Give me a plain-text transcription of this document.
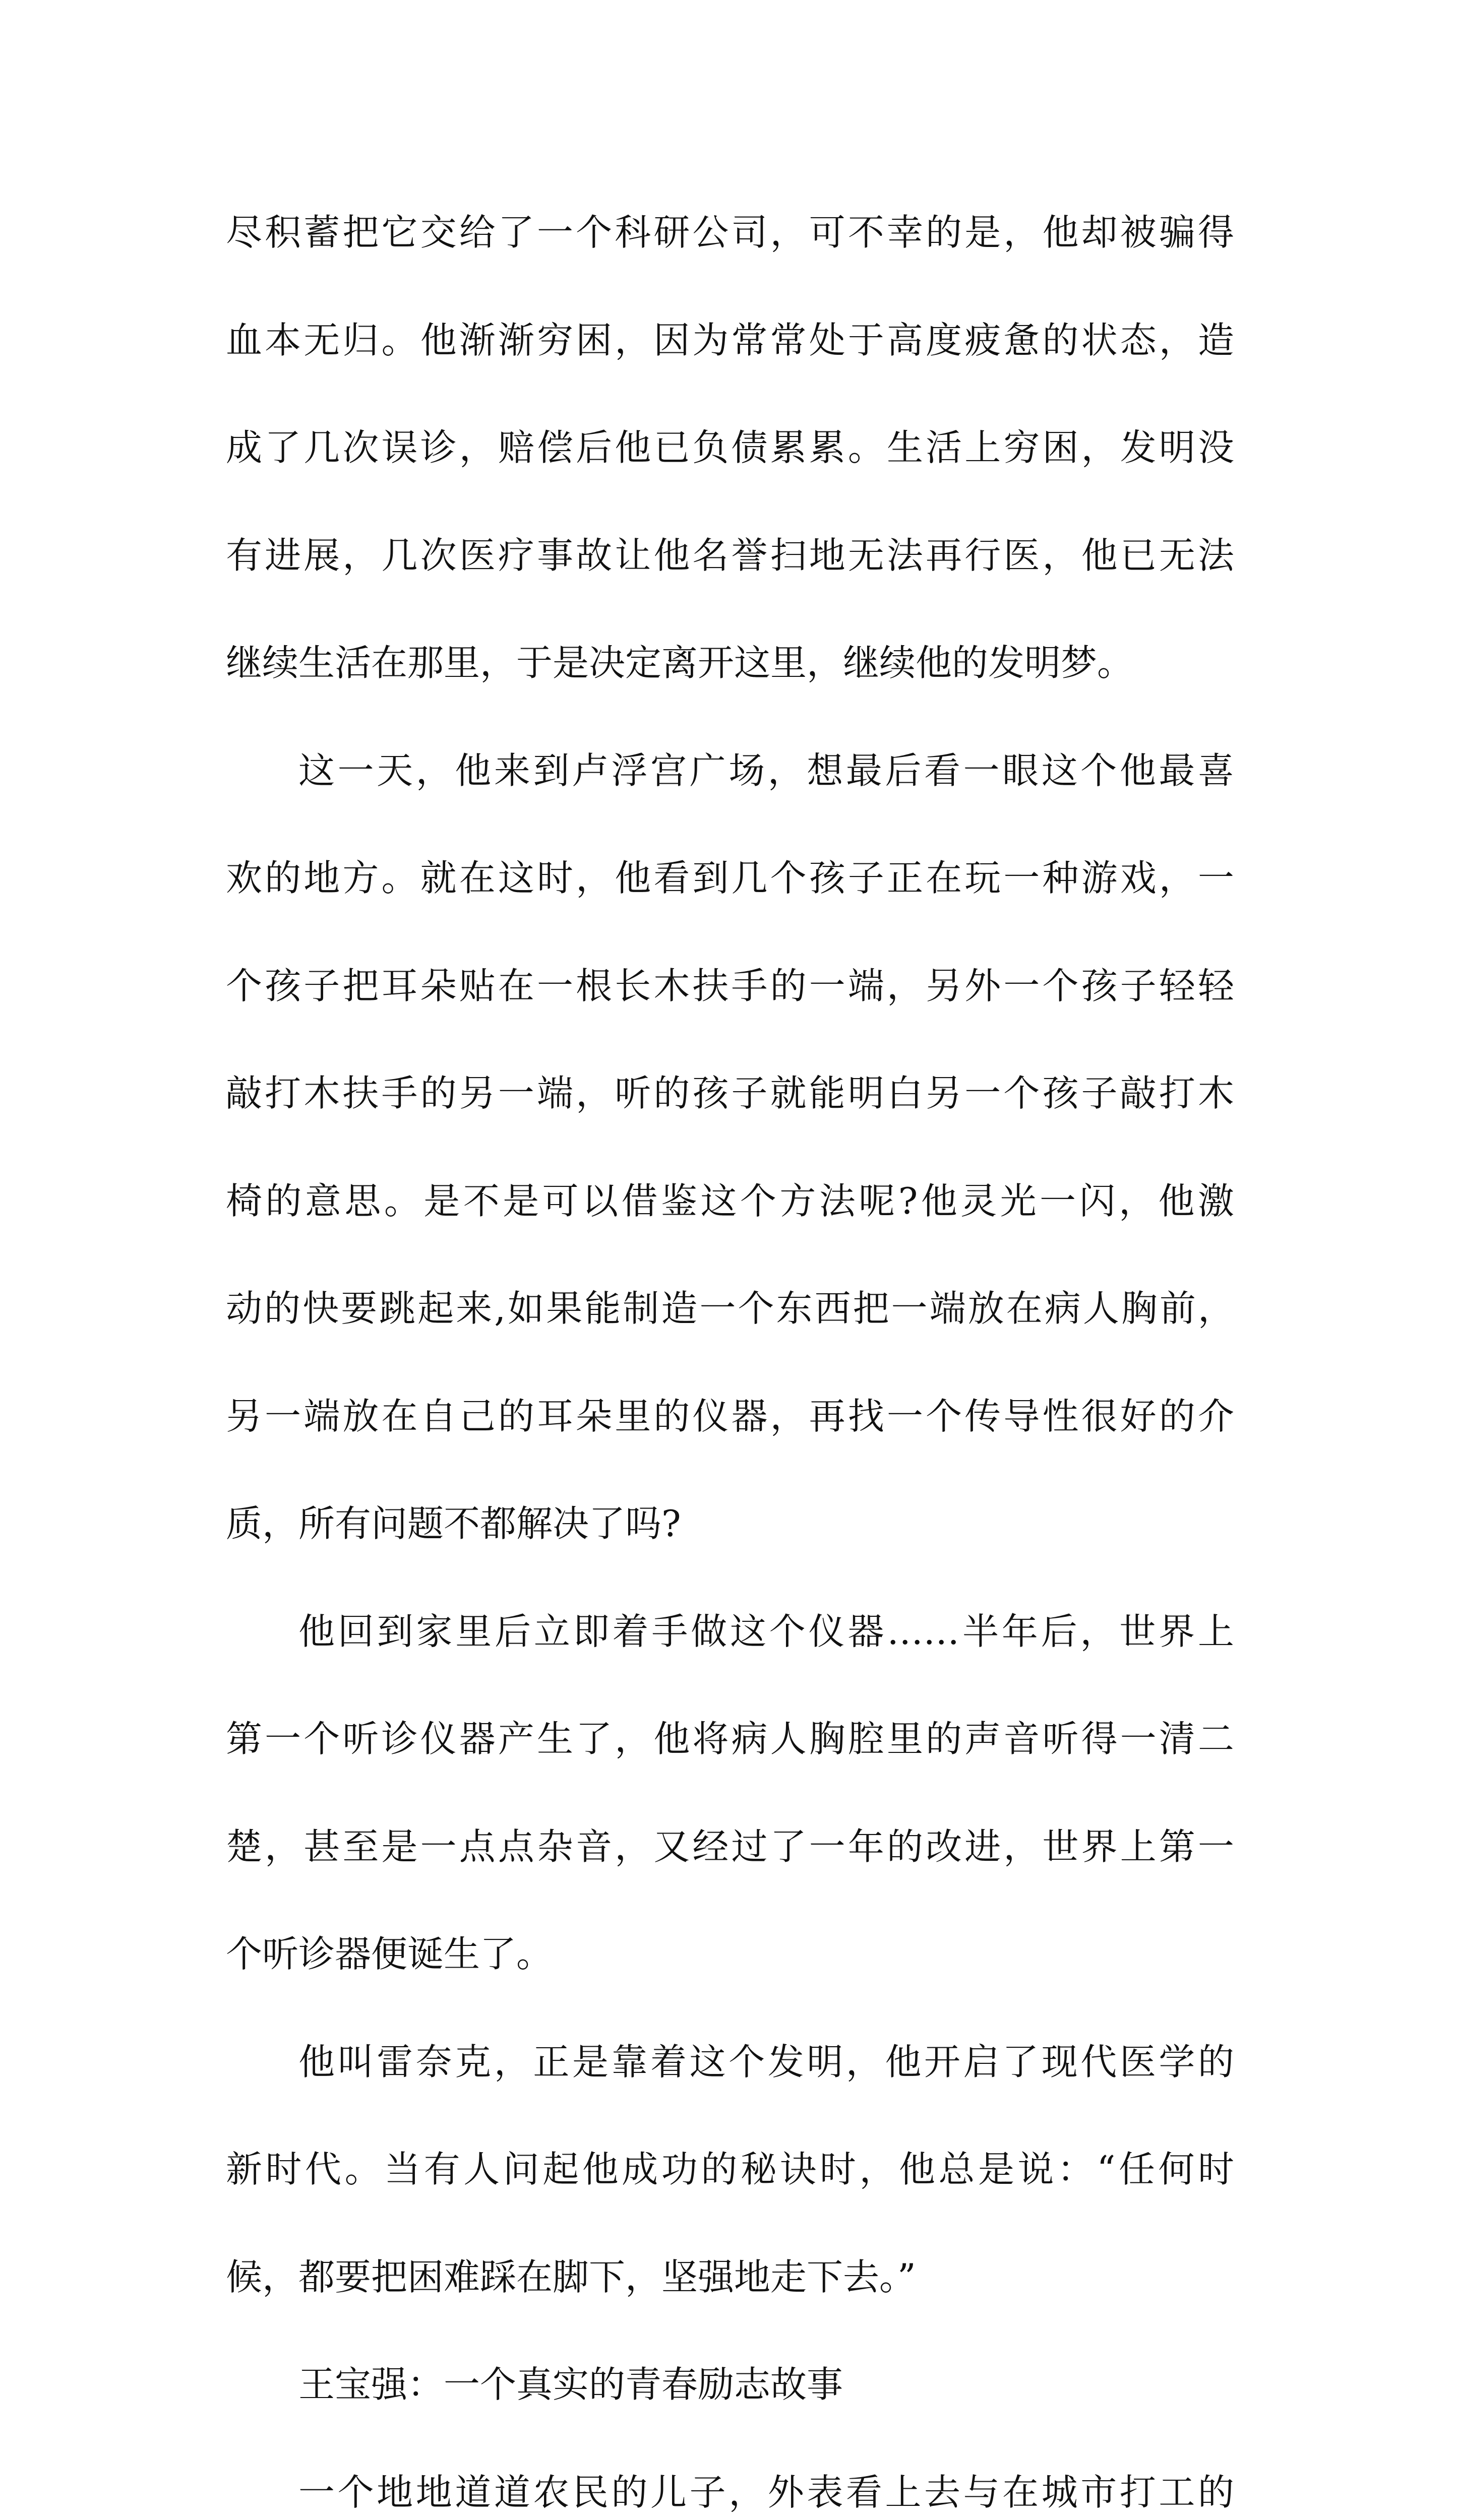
尽积蓄把它交给了一个科研公司，可不幸的是，他却被骗得
血本无归。他渐渐穷困，因为常常处于高度疲惫的状态，造
成了几次误诊，赔偿后他已负债累累。生活上穷困，发明没
有进展，几次医疗事故让他名誉扫地无法再行医，他已无法
继续生活在那里，于是决定离开这里，继续他的发明梦。
这一天，他来到卢浮宫广场，想最后看一眼这个他最喜
欢的地方。就在这时，他看到几个孩子正在玩一种游戏，一
个孩子把耳朵贴在一根长木扶手的一端，另外一个孩子轻轻
敲打木扶手的另一端，听的孩子就能明白另一个孩子敲打木
椅的意思。是不是可以借鉴这个方法呢?他灵光一闪，他激
动的快要跳起来,如果能制造一个东西把一端放在病人胸前，
另一端放在自己的耳朵里的仪器，再找一个传导性很好的介
质，所有问题不都解决了吗?
他回到家里后立即着手做这个仪器……半年后，世界上
第一个听诊仪器产生了，他将病人胸腔里的声音听得一清二
楚，甚至是一点点杂音，又经过了一年的改进，世界上第一
个听诊器便诞生了。
他叫雷奈克，正是靠着这个发明，他开启了现代医学的
新时代。当有人问起他成功的秘诀时，他总是说：“任何时
候，都要把困难踩在脚下，坚强地走下去。”
王宝强：一个真实的青春励志故事
一个地地道道农民的儿子，外表看上去与在城市打工的
